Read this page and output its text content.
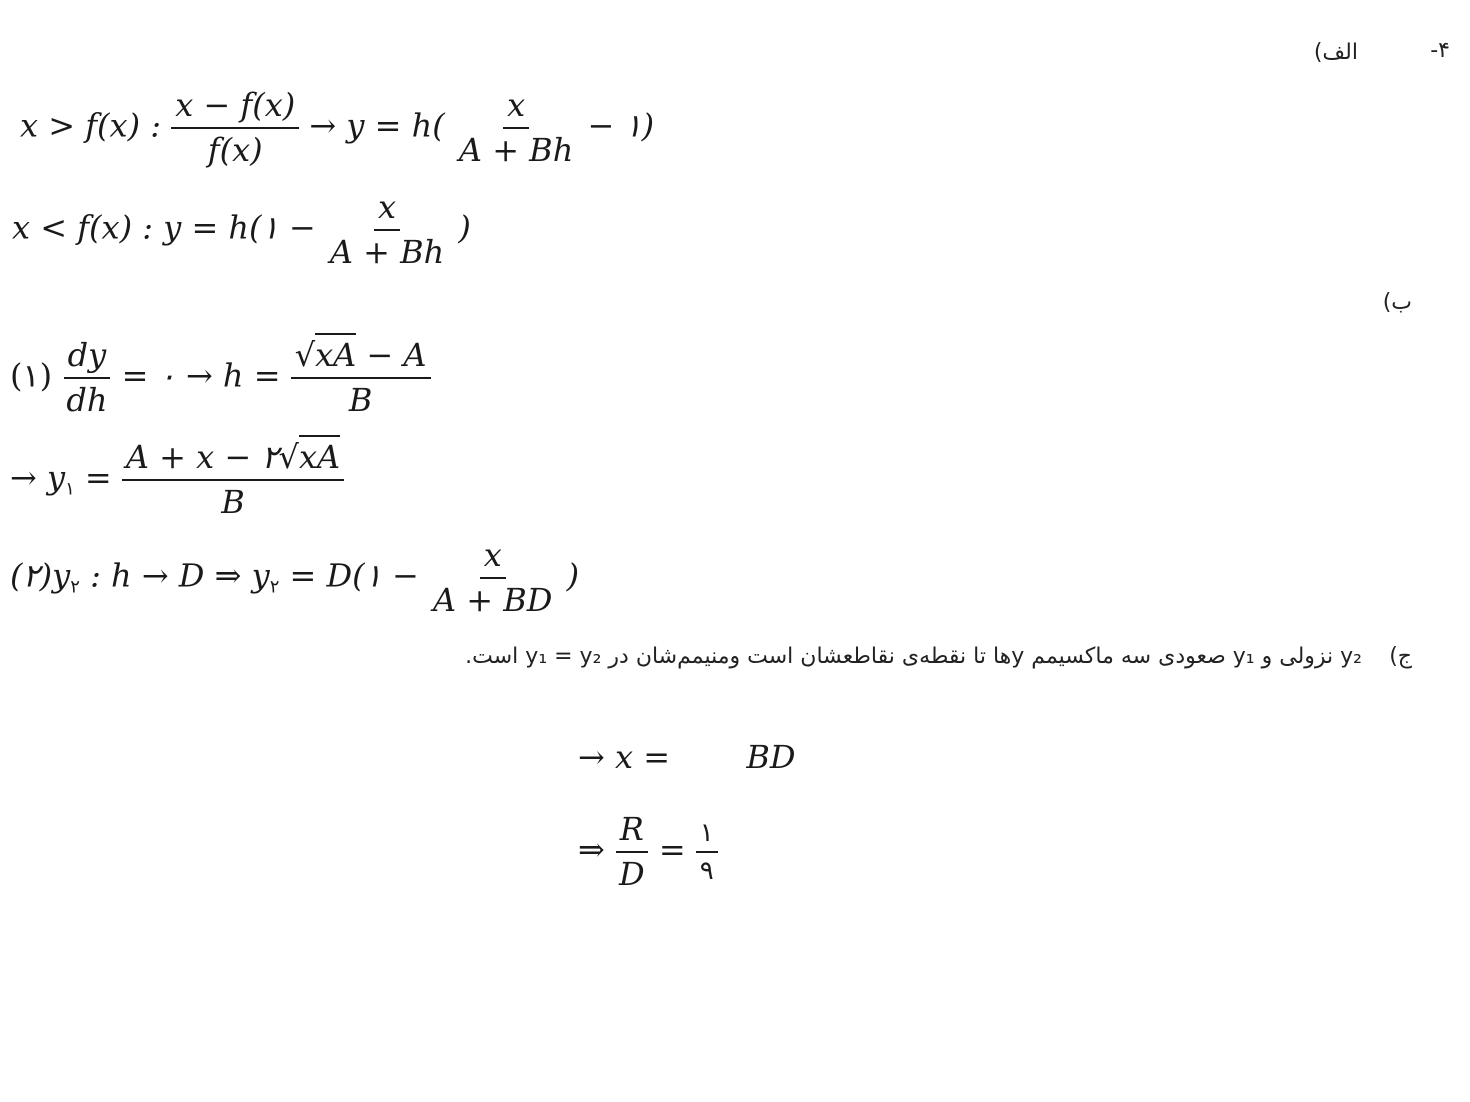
۴-
الف)
x > f(x) : $\frac{x - f(x)}{f(x)} \to y = h( \frac{x}{A + Bh}$ − ۱)
x < f(x) : y = h(۱ − $\frac{x}{A + Bh}$ )
ب)
(۱) $\frac{dy}{dh}$ = ۰ → $h = \frac{√xA - A}{B}$
→ $y_۱ = \frac{A + x - ۲√xA}{B}$
$(۲)y_۲$ : h → D ⇒ $y_۲$ = D(۱ − $\frac{x}{A + BD}$ )
ج)
y₂ نزولی و y₁ صعودی سه ماکسیمم yها تا نقطه‌ی نقاطعشان است ومنیمم‌شان در y₁ = y₂ است.
→ x = BD
⇒ $\frac{R}{D} = \frac{۱}{۹}$
